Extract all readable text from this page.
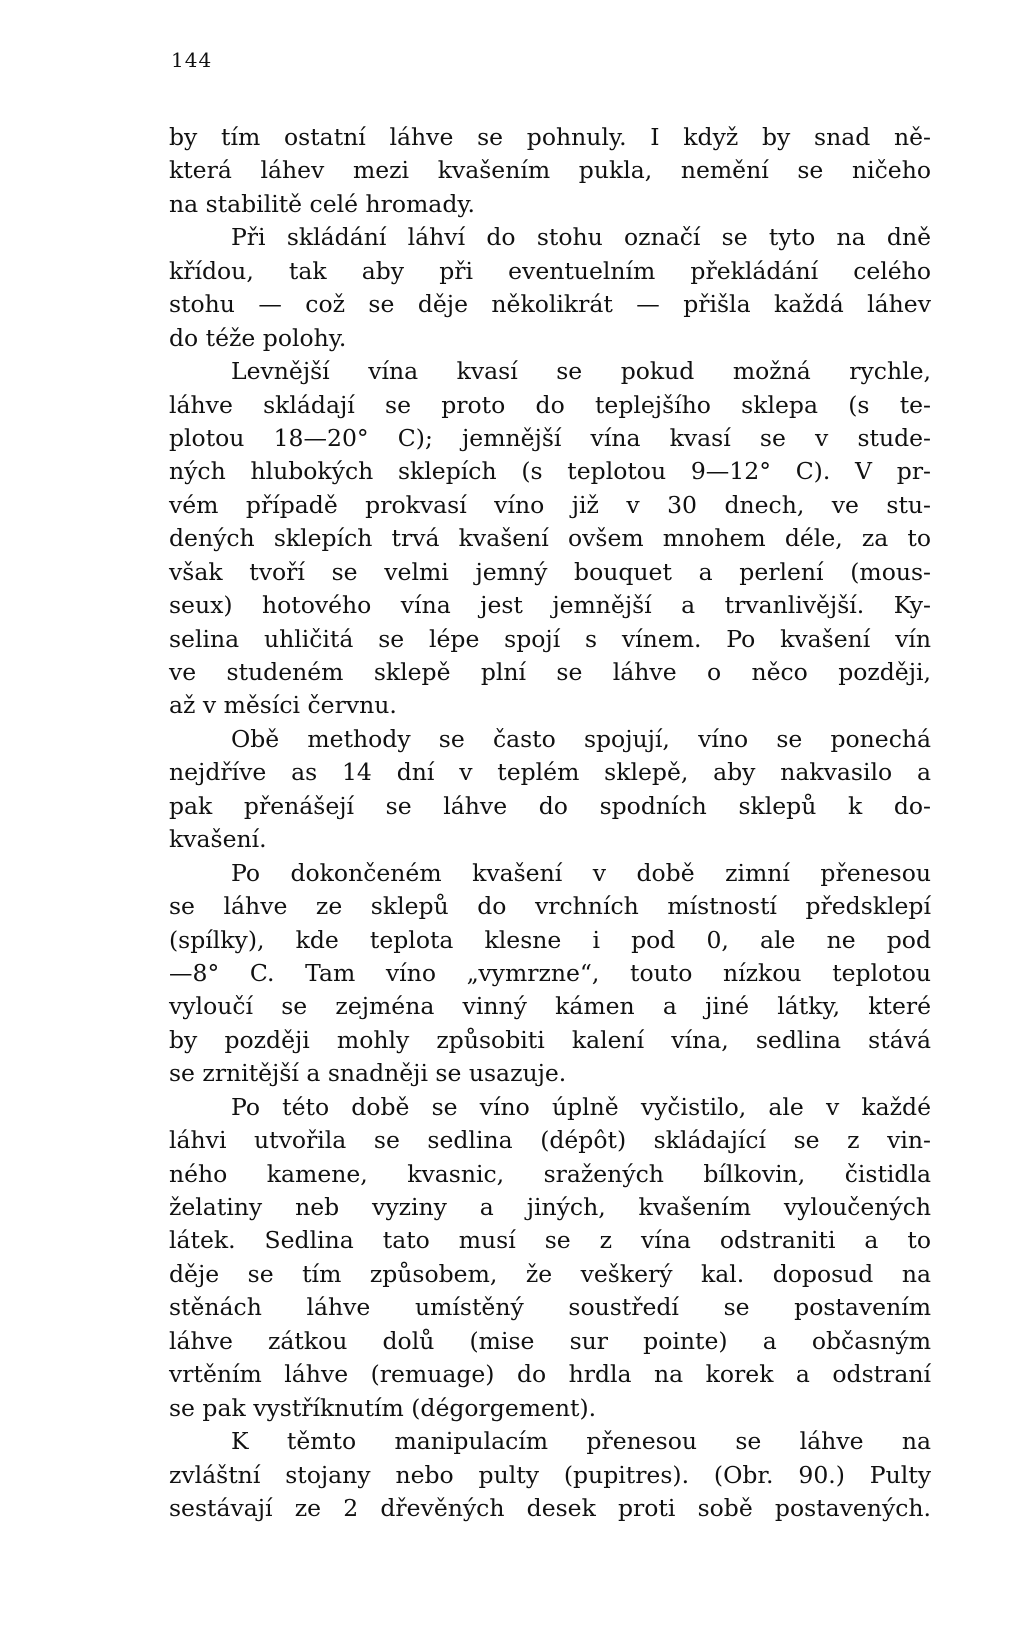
144
by tím ostatní láhve se pohnuly. I když by snad ně-
která láhev mezi kvašením pukla, nemění se ničeho
na stabilitě celé hromady.
Při skládání láhví do stohu označí se tyto na dně
křídou, tak aby při eventuelním překládání celého
stohu — což se děje několikrát — přišla každá láhev
do téže polohy.
Levnější vína kvasí se pokud možná rychle,
láhve skládají se proto do teplejšího sklepa (s te-
plotou 18—20° C); jemnější vína kvasí se v stude-
ných hlubokých sklepích (s teplotou 9—12° C). V pr-
vém případě prokvasí víno již v 30 dnech, ve stu-
dených sklepích trvá kvašení ovšem mnohem déle, za to
však tvoří se velmi jemný bouquet a perlení (mous-
seux) hotového vína jest jemnější a trvanlivější. Ky-
selina uhličitá se lépe spojí s vínem. Po kvašení vín
ve studeném sklepě plní se láhve o něco později,
až v měsíci červnu.
Obě methody se často spojují, víno se ponechá
nejdříve as 14 dní v teplém sklepě, aby nakvasilo a
pak přenášejí se láhve do spodních sklepů k do-
kvašení.
Po dokončeném kvašení v době zimní přenesou
se láhve ze sklepů do vrchních místností předsklepí
(spílky), kde teplota klesne i pod 0, ale ne pod
—8° C. Tam víno „vymrzne“, touto nízkou teplotou
vyloučí se zejména vinný kámen a jiné látky, které
by později mohly způsobiti kalení vína, sedlina stává
se zrnitější a snadněji se usazuje.
Po této době se víno úplně vyčistilo, ale v každé
láhvi utvořila se sedlina (dépôt) skládající se z vin-
ného kamene, kvasnic, sražených bílkovin, čistidla
želatiny neb vyziny a jiných, kvašením vyloučených
látek. Sedlina tato musí se z vína odstraniti a to
děje se tím způsobem, že veškerý kal. doposud na
stěnách láhve umístěný soustředí se postavením
láhve zátkou dolů (mise sur pointe) a občasným
vrtěním láhve (remuage) do hrdla na korek a odstraní
se pak vystříknutím (dégorgement).
K těmto manipulacím přenesou se láhve na
zvláštní stojany nebo pulty (pupitres). (Obr. 90.) Pulty
sestávají ze 2 dřevěných desek proti sobě postavených.
